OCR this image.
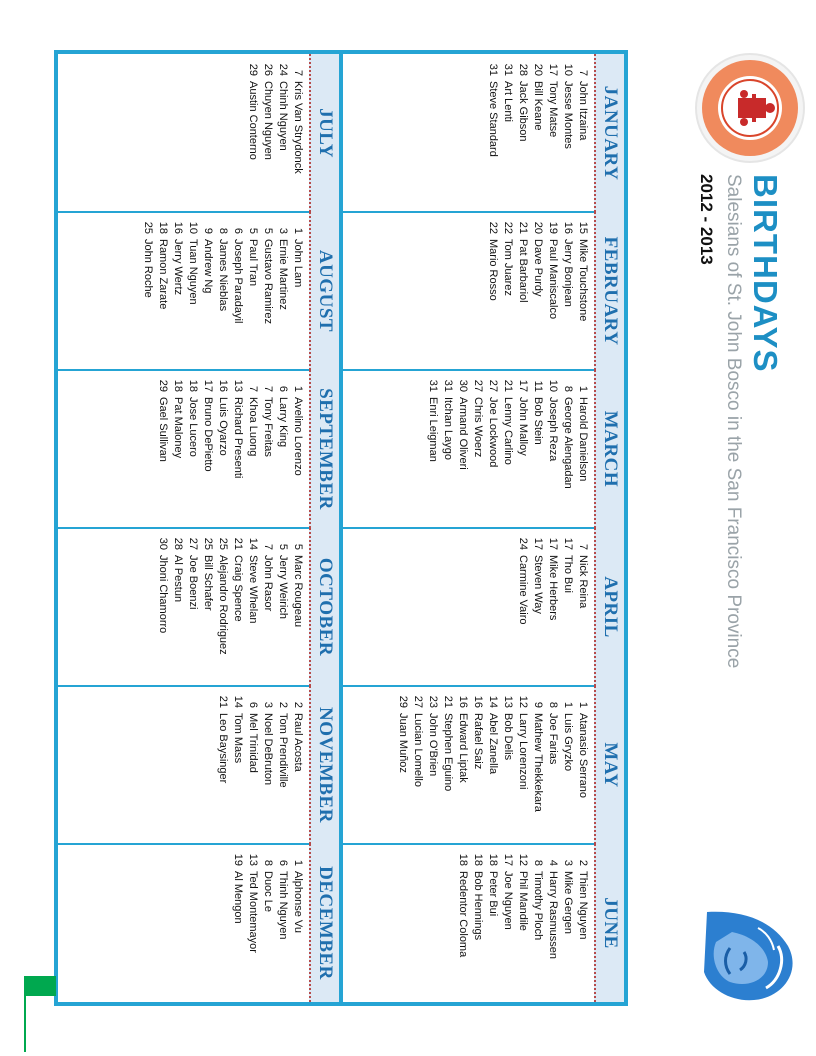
BIRTHDAYS
Salesians of St. John Bosco in the San Francisco Province
2012 - 2013
JANUARY
7
John Itzaina
10
Jesse Montes
17
Tony Matse
20
Bill Keane
28
Jack Gibson
31
Art Lenti
31
Steve Standard
FEBRUARY
15
Mike Touchstone
16
Jerry Bonjean
19
Paul Maniscalco
20
Dave Purdy
21
Pat Barbariol
22
Tom Juarez
22
Mario Rosso
MARCH
1
Harold Danielson
8
George Alengadan
10
Joseph Reza
11
Bob Stein
17
John Malloy
21
Lenny Carlino
27
Joe Lockwood
27
Chris Woerz
30
Armand Oliveri
31
Itchan Laygo
31
Enri Leigman
APRIL
7
Nick Reina
17
Tho Bui
17
Mike Herbers
17
Steven Way
24
Carmine Vairo
MAY
1
Atanasio Serrano
1
Luis Gryzko
8
Joe Farias
9
Mathew Thekkekara
12
Larry Lorenzoni
13
Bob Delis
14
Abel Zanella
16
Rafael Saiz
16
Edward Liptak
21
Stephen Eguino
23
John O'Brien
27
Lucian Lomello
29
Juan Muñoz
JUNE
2
Thien Nguyen
3
Mike Gergen
4
Harry Rasmussen
8
Timothy Ploch
12
Phil Mandile
17
Joe Nguyen
18
Peter Bui
18
Bob Hennings
18
Redentor Coloma
JULY
7
Kris Van Strydonck
24
Chinh Nguyen
26
Chuyen Nguyen
29
Austin Conterno
AUGUST
1
John Lam
3
Ernie Martinez
5
Gustavo Ramirez
5
Paul Tran
6
Joseph Paradayil
8
James Nieblas
9
Andrew Ng
10
Tuan Nguyen
16
Jerry Wertz
18
Ramon Zarate
25
John Roche
SEPTEMBER
1
Avelino Lorenzo
6
Larry King
7
Tony Freitas
7
Khoa Luong
13
Richard Presenti
16
Luis Oyarzo
17
Bruno DePietto
18
Jose Lucero
18
Pat Maloney
29
Gael Sullivan
OCTOBER
5
Marc Rougeau
5
Jerry Weirich
7
John Rasor
14
Steve Whelan
21
Craig Spence
25
Alejandro Rodriguez
25
Bill Schafer
27
Joe Boenzi
28
Al Pestun
30
Jhoni Chamorro
NOVEMBER
2
Raul Acosta
2
Tom Prendiville
3
Noel DeBruton
6
Mel Trinidad
14
Tom Mass
21
Leo Baysinger
DECEMBER
1
Alphonse Vu
6
Thinh Nguyen
8
Duoc Le
13
Ted Montemayor
19
Al Mengon
